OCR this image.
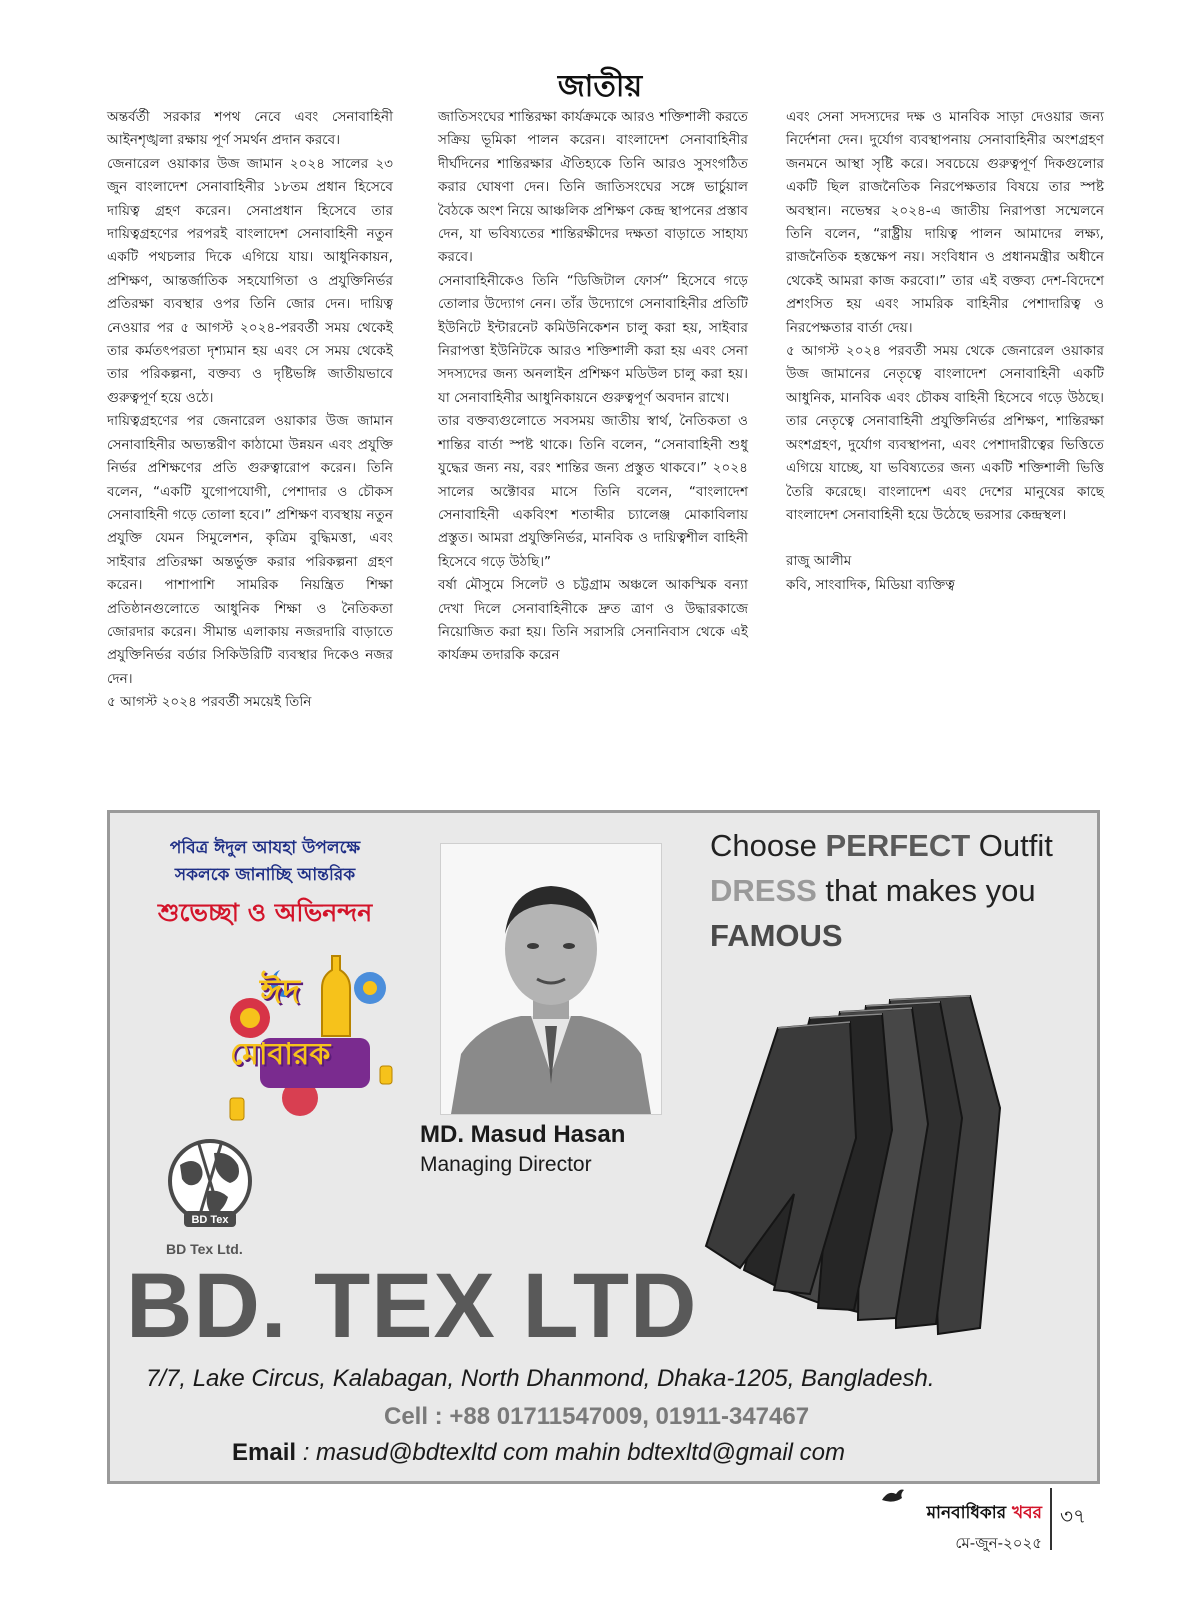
জাতীয়

অন্তর্বর্তী সরকার শপথ নেবে এবং সেনাবাহিনী আইনশৃঙ্খলা রক্ষায় পূর্ণ সমর্থন প্রদান করবে।

জেনারেল ওয়াকার উজ জামান ২০২৪ সালের ২৩ জুন বাংলাদেশ সেনাবাহিনীর ১৮তম প্রধান হিসেবে দায়িত্ব গ্রহণ করেন। সেনাপ্রধান হিসেবে তার দায়িত্বগ্রহণের পরপরই বাংলাদেশ সেনাবাহিনী নতুন একটি পথচলার দিকে এগিয়ে যায়। আধুনিকায়ন, প্রশিক্ষণ, আন্তর্জাতিক সহযোগিতা ও প্রযুক্তিনির্ভর প্রতিরক্ষা ব্যবস্থার ওপর তিনি জোর দেন। দায়িত্ব নেওয়ার পর ৫ আগস্ট ২০২৪-পরবর্তী সময় থেকেই তার কর্মতৎপরতা দৃশ্যমান হয় এবং সে সময় থেকেই তার পরিকল্পনা, বক্তব্য ও দৃষ্টিভঙ্গি জাতীয়ভাবে গুরুত্বপূর্ণ হয়ে ওঠে।

দায়িত্বগ্রহণের পর জেনারেল ওয়াকার উজ জামান সেনাবাহিনীর অভ্যন্তরীণ কাঠামো উন্নয়ন এবং প্রযুক্তি নির্ভর প্রশিক্ষণের প্রতি গুরুত্বারোপ করেন। তিনি বলেন, “একটি যুগোপযোগী, পেশাদার ও চৌকস সেনাবাহিনী গড়ে তোলা হবে।” প্রশিক্ষণ ব্যবস্থায় নতুন প্রযুক্তি যেমন সিমুলেশন, কৃত্রিম বুদ্ধিমত্তা, এবং সাইবার প্রতিরক্ষা অন্তর্ভুক্ত করার পরিকল্পনা গ্রহণ করেন। পাশাপাশি সামরিক নিয়ন্ত্রিত শিক্ষা প্রতিষ্ঠানগুলোতে আধুনিক শিক্ষা ও নৈতিকতা জোরদার করেন। সীমান্ত এলাকায় নজরদারি বাড়াতে প্রযুক্তিনির্ভর বর্ডার সিকিউরিটি ব্যবস্থার দিকেও নজর দেন।

৫ আগস্ট ২০২৪ পরবর্তী সময়েই তিনি

জাতিসংঘের শান্তিরক্ষা কার্যক্রমকে আরও শক্তিশালী করতে সক্রিয় ভূমিকা পালন করেন। বাংলাদেশ সেনাবাহিনীর দীর্ঘদিনের শান্তিরক্ষার ঐতিহ্যকে তিনি আরও সুসংগঠিত করার ঘোষণা দেন। তিনি জাতিসংঘের সঙ্গে ভার্চুয়াল বৈঠকে অংশ নিয়ে আঞ্চলিক প্রশিক্ষণ কেন্দ্র স্থাপনের প্রস্তাব দেন, যা ভবিষ্যতের শান্তিরক্ষীদের দক্ষতা বাড়াতে সাহায্য করবে।

সেনাবাহিনীকেও তিনি “ডিজিটাল ফোর্স” হিসেবে গড়ে তোলার উদ্যোগ নেন। তাঁর উদ্যোগে সেনাবাহিনীর প্রতিটি ইউনিটে ইন্টারনেট কমিউনিকেশন চালু করা হয়, সাইবার নিরাপত্তা ইউনিটকে আরও শক্তিশালী করা হয় এবং সেনা সদস্যদের জন্য অনলাইন প্রশিক্ষণ মডিউল চালু করা হয়। যা সেনাবাহিনীর আধুনিকায়নে গুরুত্বপূর্ণ অবদান রাখে।

তার বক্তব্যগুলোতে সবসময় জাতীয় স্বার্থ, নৈতিকতা ও শান্তির বার্তা স্পষ্ট থাকে। তিনি বলেন, “সেনাবাহিনী শুধু যুদ্ধের জন্য নয়, বরং শান্তির জন্য প্রস্তুত থাকবে।” ২০২৪ সালের অক্টোবর মাসে তিনি বলেন, “বাংলাদেশ সেনাবাহিনী একবিংশ শতাব্দীর চ্যালেঞ্জ মোকাবিলায় প্রস্তুত। আমরা প্রযুক্তিনির্ভর, মানবিক ও দায়িত্বশীল বাহিনী হিসেবে গড়ে উঠছি।”

বর্ষা মৌসুমে সিলেট ও চট্টগ্রাম অঞ্চলে আকস্মিক বন্যা দেখা দিলে সেনাবাহিনীকে দ্রুত ত্রাণ ও উদ্ধারকাজে নিয়োজিত করা হয়। তিনি সরাসরি সেনানিবাস থেকে এই কার্যক্রম তদারকি করেন

এবং সেনা সদস্যদের দক্ষ ও মানবিক সাড়া দেওয়ার জন্য নির্দেশনা দেন। দুর্যোগ ব্যবস্থাপনায় সেনাবাহিনীর অংশগ্রহণ জনমনে আস্থা সৃষ্টি করে। সবচেয়ে গুরুত্বপূর্ণ দিকগুলোর একটি ছিল রাজনৈতিক নিরপেক্ষতার বিষয়ে তার স্পষ্ট অবস্থান। নভেম্বর ২০২৪-এ জাতীয় নিরাপত্তা সম্মেলনে তিনি বলেন, “রাষ্ট্রীয় দায়িত্ব পালন আমাদের লক্ষ্য, রাজনৈতিক হস্তক্ষেপ নয়। সংবিধান ও প্রধানমন্ত্রীর অধীনে থেকেই আমরা কাজ করবো।” তার এই বক্তব্য দেশ-বিদেশে প্রশংসিত হয় এবং সামরিক বাহিনীর পেশাদারিত্ব ও নিরপেক্ষতার বার্তা দেয়।

৫ আগস্ট ২০২৪ পরবর্তী সময় থেকে জেনারেল ওয়াকার উজ জামানের নেতৃত্বে বাংলাদেশ সেনাবাহিনী একটি আধুনিক, মানবিক এবং চৌকষ বাহিনী হিসেবে গড়ে উঠছে। তার নেতৃত্বে সেনাবাহিনী প্রযুক্তিনির্ভর প্রশিক্ষণ, শান্তিরক্ষা অংশগ্রহণ, দুর্যোগ ব্যবস্থাপনা, এবং পেশাদারীত্বের ভিত্তিতে এগিয়ে যাচ্ছে, যা ভবিষ্যতের জন্য একটি শক্তিশালী ভিত্তি তৈরি করেছে। বাংলাদেশ এবং দেশের মানুষের কাছে বাংলাদেশ সেনাবাহিনী হয়ে উঠেছে ভরসার কেন্দ্রস্থল।

রাজু আলীম

কবি, সাংবাদিক, মিডিয়া ব্যক্তিত্ব

পবিত্র ঈদুল আযহা উপলক্ষে
সকলকে জানাচ্ছি আন্তরিক
শুভেচ্ছা ও অভিনন্দন
ঈদ
মোবারক
MD. Masud Hasan
Managing Director
Choose PERFECT Outfit
DRESS that makes you
FAMOUS
BD Tex
BD Tex Ltd.
BD. TEX LTD
7/7, Lake Circus, Kalabagan, North Dhanmond, Dhaka-1205, Bangladesh.
Cell : +88 01711547009, 01911-347467
Email : masud@bdtexltd com mahin bdtexltd@gmail com
মানবাধিকার খবর
মে-জুন-২০২৫
৩৭
